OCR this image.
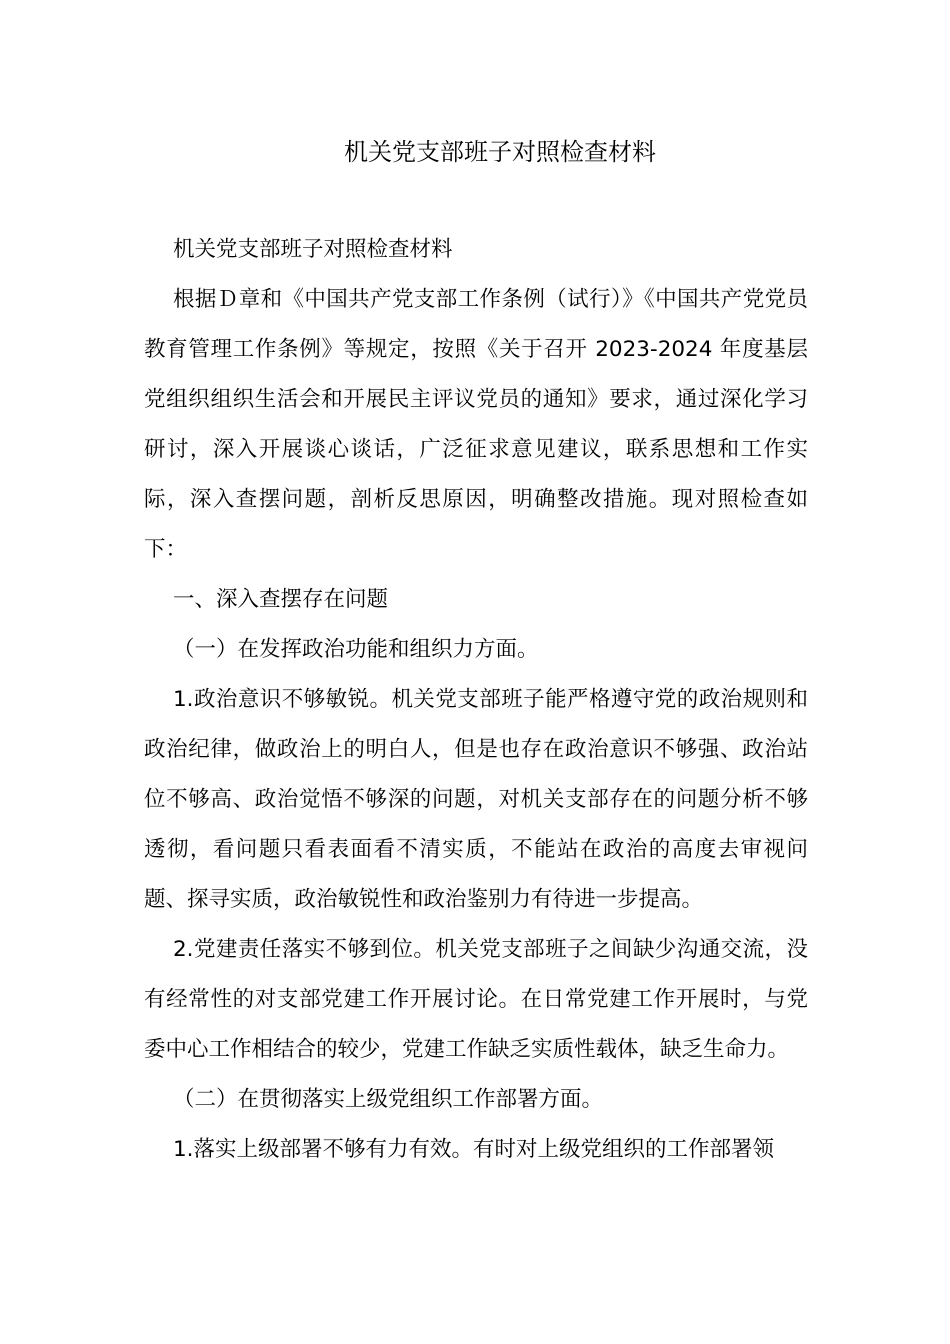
机关党支部班子对照检查材料

机关党支部班子对照检查材料

根据Ｄ章和《中国共产党支部工作条例（试行）》《中国共产党党员教育管理工作条例》等规定，按照《关于召开 2023-2024 年度基层党组织组织生活会和开展民主评议党员的通知》要求，通过深化学习研讨，深入开展谈心谈话，广泛征求意见建议，联系思想和工作实际，深入查摆问题，剖析反思原因，明确整改措施。现对照检查如下：

一、深入查摆存在问题

（一）在发挥政治功能和组织力方面。

1.政治意识不够敏锐。机关党支部班子能严格遵守党的政治规则和政治纪律，做政治上的明白人，但是也存在政治意识不够强、政治站位不够高、政治觉悟不够深的问题，对机关支部存在的问题分析不够透彻，看问题只看表面看不清实质，不能站在政治的高度去审视问题、探寻实质，政治敏锐性和政治鉴别力有待进一步提高。

2.党建责任落实不够到位。机关党支部班子之间缺少沟通交流，没有经常性的对支部党建工作开展讨论。在日常党建工作开展时，与党委中心工作相结合的较少，党建工作缺乏实质性载体，缺乏生命力。

（二）在贯彻落实上级党组织工作部署方面。

1.落实上级部署不够有力有效。有时对上级党组织的工作部署领
